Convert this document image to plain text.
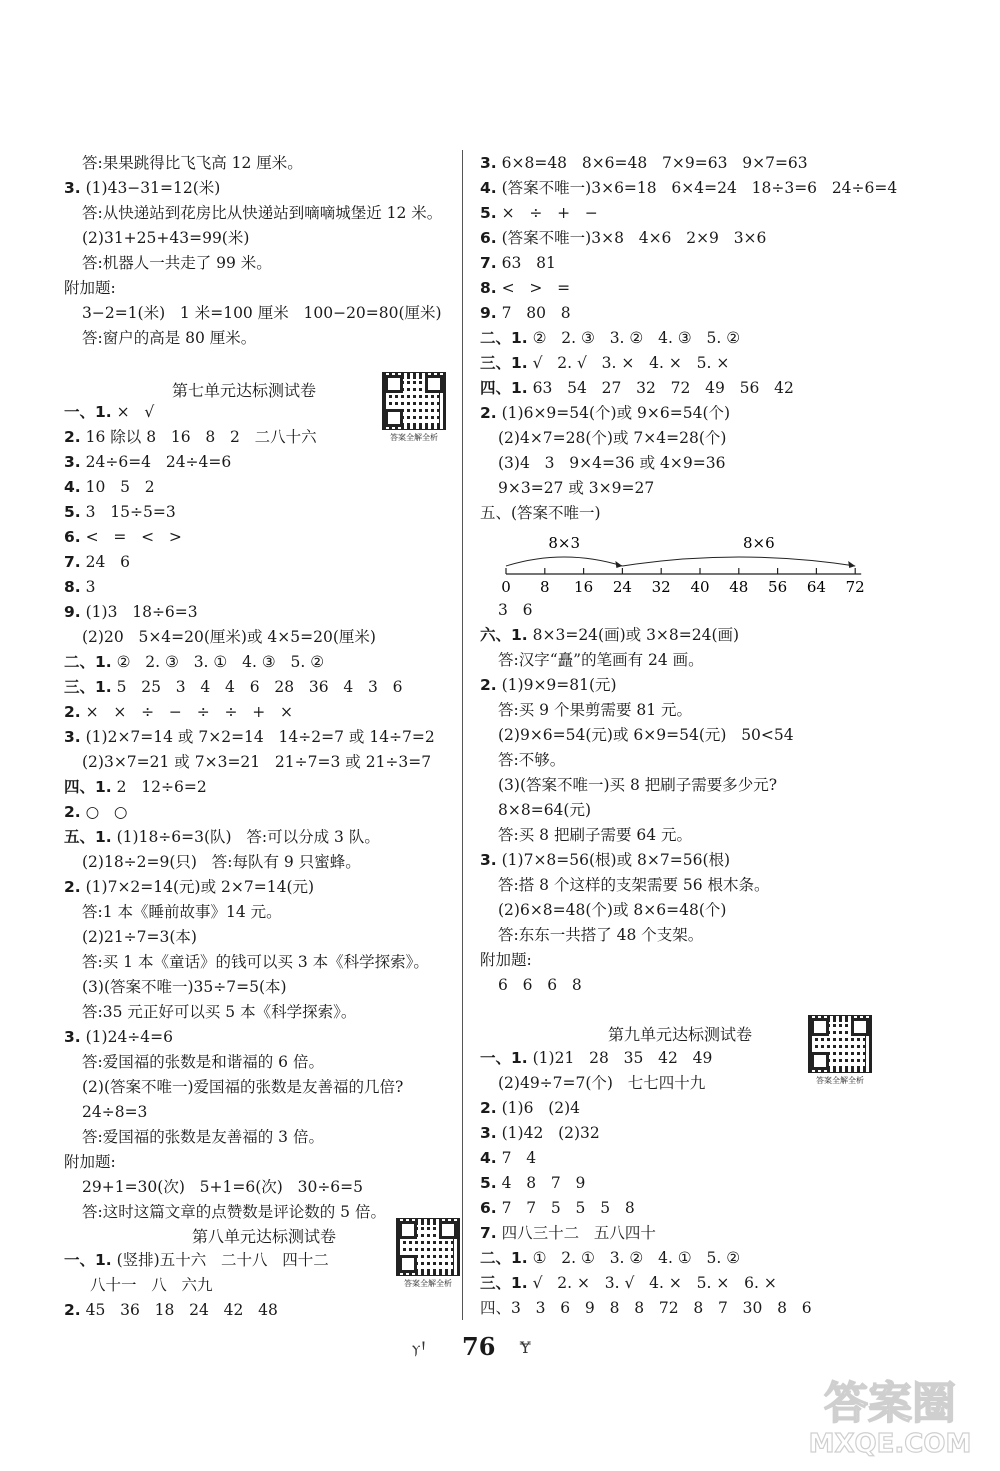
答:果果跳得比飞飞高 12 厘米。
3. (1)43−31=12(米)
答:从快递站到花房比从快递站到嘀嘀城堡近 12 米。
(2)31+25+43=99(米)
答:机器人一共走了 99 米。
附加题:
3−2=1(米)   1 米=100 厘米   100−20=80(厘米)
答:窗户的高是 80 厘米。
一、1. ×   √
2. 16 除以 8   16   8   2   二八十六
3. 24÷6=4   24÷4=6
4. 10   5   2
5. 3   15÷5=3
6. <   =   <   >
7. 24   6
8. 3
9. (1)3   18÷6=3
(2)20   5×4=20(厘米)或 4×5=20(厘米)
二、1. ②   2. ③   3. ①   4. ③   5. ②
三、1. 5   25   3   4   4   6   28   36   4   3   6
2. ×   ×   ÷   −   ÷   ÷   +   ×
3. (1)2×7=14 或 7×2=14   14÷2=7 或 14÷7=2
(2)3×7=21 或 7×3=21   21÷7=3 或 21÷3=7
四、1. 2   12÷6=2
2. ○   ○
五、1. (1)18÷6=3(队)   答:可以分成 3 队。
(2)18÷2=9(只)   答:每队有 9 只蜜蜂。
2. (1)7×2=14(元)或 2×7=14(元)
答:1 本《睡前故事》14 元。
(2)21÷7=3(本)
答:买 1 本《童话》的钱可以买 3 本《科学探索》。
(3)(答案不唯一)35÷7=5(本)
答:35 元正好可以买 5 本《科学探索》。
3. (1)24÷4=6
答:爱国福的张数是和谐福的 6 倍。
(2)(答案不唯一)爱国福的张数是友善福的几倍?
24÷8=3
答:爱国福的张数是友善福的 3 倍。
附加题:
29+1=30(次)   5+1=6(次)   30÷6=5
答:这时这篇文章的点赞数是评论数的 5 倍。
一、1. (竖排)五十六   二十八   四十二
八十一   八   六九
2. 45   36   18   24   42   48
第七单元达标测试卷
第八单元达标测试卷
0 8 16 24 32 40 48 56 64 72
8×3	8×6
3. 6×8=48   8×6=48   7×9=63   9×7=63
4. (答案不唯一)3×6=18   6×4=24   18÷3=6   24÷6=4
5. ×   ÷   +   −
6. (答案不唯一)3×8   4×6   2×9   3×6
7. 63   81
8. <   >   =
9. 7   80   8
二、1. ②   2. ③   3. ②   4. ③   5. ②
三、1. √   2. √   3. ×   4. ×   5. ×
四、1. 63   54   27   32   72   49   56   42
2. (1)6×9=54(个)或 9×6=54(个)
(2)4×7=28(个)或 7×4=28(个)
(3)4   3   9×4=36 或 4×9=36
9×3=27 或 3×9=27
五、(答案不唯一)
3   6
六、1. 8×3=24(画)或 3×8=24(画)
答:汉字“矗”的笔画有 24 画。
2. (1)9×9=81(元)
答:买 9 个果剪需要 81 元。
(2)9×6=54(元)或 6×9=54(元)   50<54
答:不够。
(3)(答案不唯一)买 8 把刷子需要多少元?
8×8=64(元)
答:买 8 把刷子需要 64 元。
3. (1)7×8=56(根)或 8×7=56(根)
答:搭 8 个这样的支架需要 56 根木条。
(2)6×8=48(个)或 8×6=48(个)
答:东东一共搭了 48 个支架。
附加题:
6   6   6   8
一、1. (1)21   28   35   42   49
(2)49÷7=7(个)   七七四十九
2. (1)6   (2)4
3. (1)42   (2)32
4. 7   4
5. 4   8   7   9
6. 7   7   5   5   5   8
7. 四八三十二   五八四十
二、1. ①   2. ①   3. ②   4. ①   5. ②
三、1. √   2. ×   3. √   4. ×   5. ×   6. ×
四、3   3   6   9   8   8   72   8   7   30   8   6
第九单元达标测试卷
答案全解全析
答案全解全析
答案全解全析
ⲩꞋ 76 Ɏ
答案圈
MXQE.COM
